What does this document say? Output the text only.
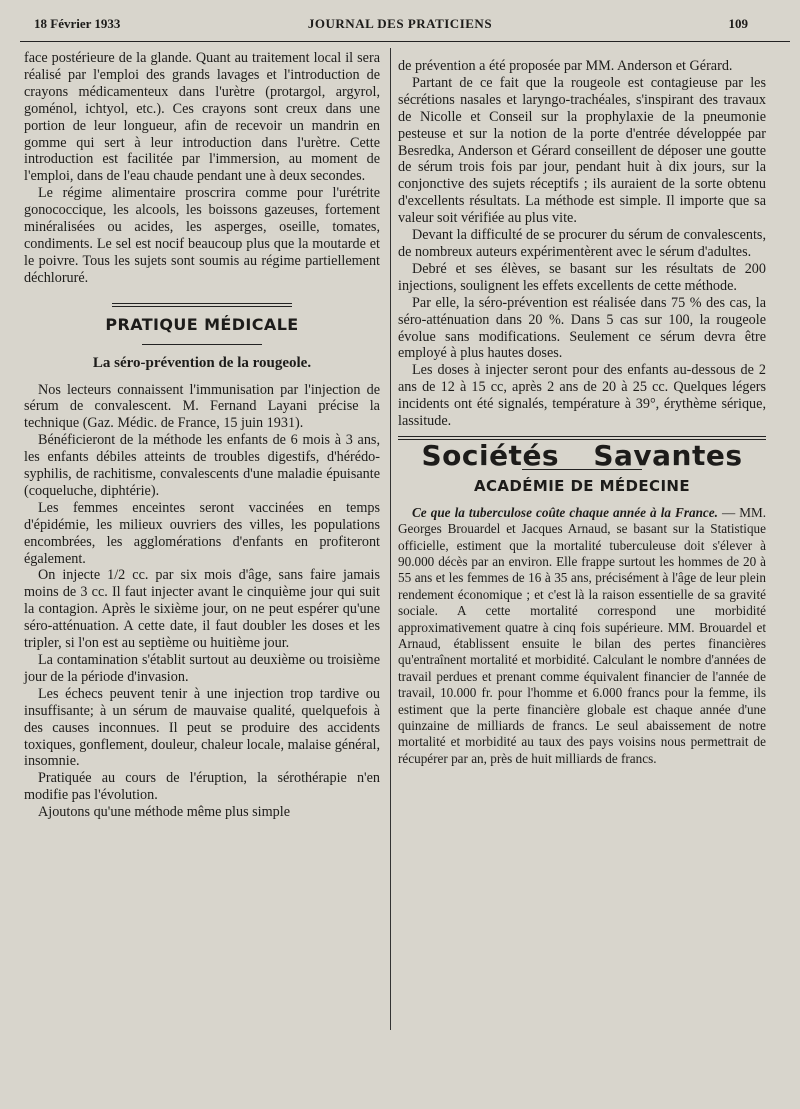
18 Février 1933	JOURNAL DES PRATICIENS	109

face postérieure de la glande. Quant au traitement local il sera réalisé par l'emploi des grands lavages et l'introduction de crayons médicamenteux dans l'urètre (protargol, argyrol, goménol, ichtyol, etc.). Ces crayons sont creux dans une portion de leur longueur, afin de recevoir un mandrin en gomme qui sert à leur introduction dans l'urètre. Cette introduction est facilitée par l'immersion, au moment de l'emploi, dans de l'eau chaude pendant une à deux secondes.

Le régime alimentaire proscrira comme pour l'urétrite gonococcique, les alcools, les boissons gazeuses, fortement minéralisées ou acides, les asperges, oseille, tomates, condiments. Le sel est nocif beaucoup plus que la moutarde et le poivre. Tous les sujets sont soumis au régime partiellement déchloruré.

PRATIQUE MÉDICALE
La séro-prévention de la rougeole.

Nos lecteurs connaissent l'immunisation par l'injection de sérum de convalescent. M. Fernand Layani précise la technique (Gaz. Médic. de France, 15 juin 1931).

Bénéficieront de la méthode les enfants de 6 mois à 3 ans, les enfants débiles atteints de troubles digestifs, d'hérédo-syphilis, de rachitisme, convalescents d'une maladie épuisante (coqueluche, diphtérie).

Les femmes enceintes seront vaccinées en temps d'épidémie, les milieux ouvriers des villes, les populations encombrées, les agglomérations d'enfants en profiteront également.

On injecte 1/2 cc. par six mois d'âge, sans faire jamais moins de 3 cc. Il faut injecter avant le cinquième jour qui suit la contagion. Après le sixième jour, on ne peut espérer qu'une séro-atténuation. A cette date, il faut doubler les doses et les tripler, si l'on est au septième ou huitième jour.

La contamination s'établit surtout au deuxième ou troisième jour de la période d'invasion.

Les échecs peuvent tenir à une injection trop tardive ou insuffisante; à un sérum de mauvaise qualité, quelquefois à des causes inconnues. Il peut se produire des accidents toxiques, gonflement, douleur, chaleur locale, malaise général, insomnie.

Pratiquée au cours de l'éruption, la sérothérapie n'en modifie pas l'évolution.

Ajoutons qu'une méthode même plus simple

de prévention a été proposée par MM. Anderson et Gérard.

Partant de ce fait que la rougeole est contagieuse par les sécrétions nasales et laryngo-trachéales, s'inspirant des travaux de Nicolle et Conseil sur la prophylaxie de la pneumonie pesteuse et sur la notion de la porte d'entrée développée par Besredka, Anderson et Gérard conseillent de déposer une goutte de sérum trois fois par jour, pendant huit à dix jours, sur la conjonctive des sujets réceptifs ; ils auraient de la sorte obtenu d'excellents résultats. La méthode est simple. Il importe que sa valeur soit vérifiée au plus vite.

Devant la difficulté de se procurer du sérum de convalescents, de nombreux auteurs expérimentèrent avec le sérum d'adultes.

Debré et ses élèves, se basant sur les résultats de 200 injections, soulignent les effets excellents de cette méthode.

Par elle, la séro-prévention est réalisée dans 75 % des cas, la séro-atténuation dans 20 %. Dans 5 cas sur 100, la rougeole évolue sans modifications. Seulement ce sérum devra être employé à plus hautes doses.

Les doses à injecter seront pour des enfants au-dessous de 2 ans de 12 à 15 cc, après 2 ans de 20 à 25 cc. Quelques légers incidents ont été signalés, température à 39°, érythème sérique, lassitude.

Sociétés Savantes
ACADÉMIE DE MÉDECINE

Ce que la tuberculose coûte chaque année à la France. — MM. Georges Brouardel et Jacques Arnaud, se basant sur la Statistique officielle, estiment que la mortalité tuberculeuse doit s'élever à 90.000 décès par an environ. Elle frappe surtout les hommes de 20 à 55 ans et les femmes de 16 à 35 ans, précisément à l'âge de leur plein rendement économique ; et c'est là la raison essentielle de sa gravité sociale. A cette mortalité correspond une morbidité approximativement quatre à cinq fois supérieure. MM. Brouardel et Arnaud, établissent ensuite le bilan des pertes financières qu'entraînent mortalité et morbidité. Calculant le nombre d'années de travail perdues et prenant comme équivalent financier de l'année de travail, 10.000 fr. pour l'homme et 6.000 francs pour la femme, ils estiment que la perte financière globale est chaque année d'une quinzaine de milliards de francs. Le seul abaissement de notre mortalité et morbidité au taux des pays voisins nous permettrait de récupérer par an, près de huit milliards de francs.
